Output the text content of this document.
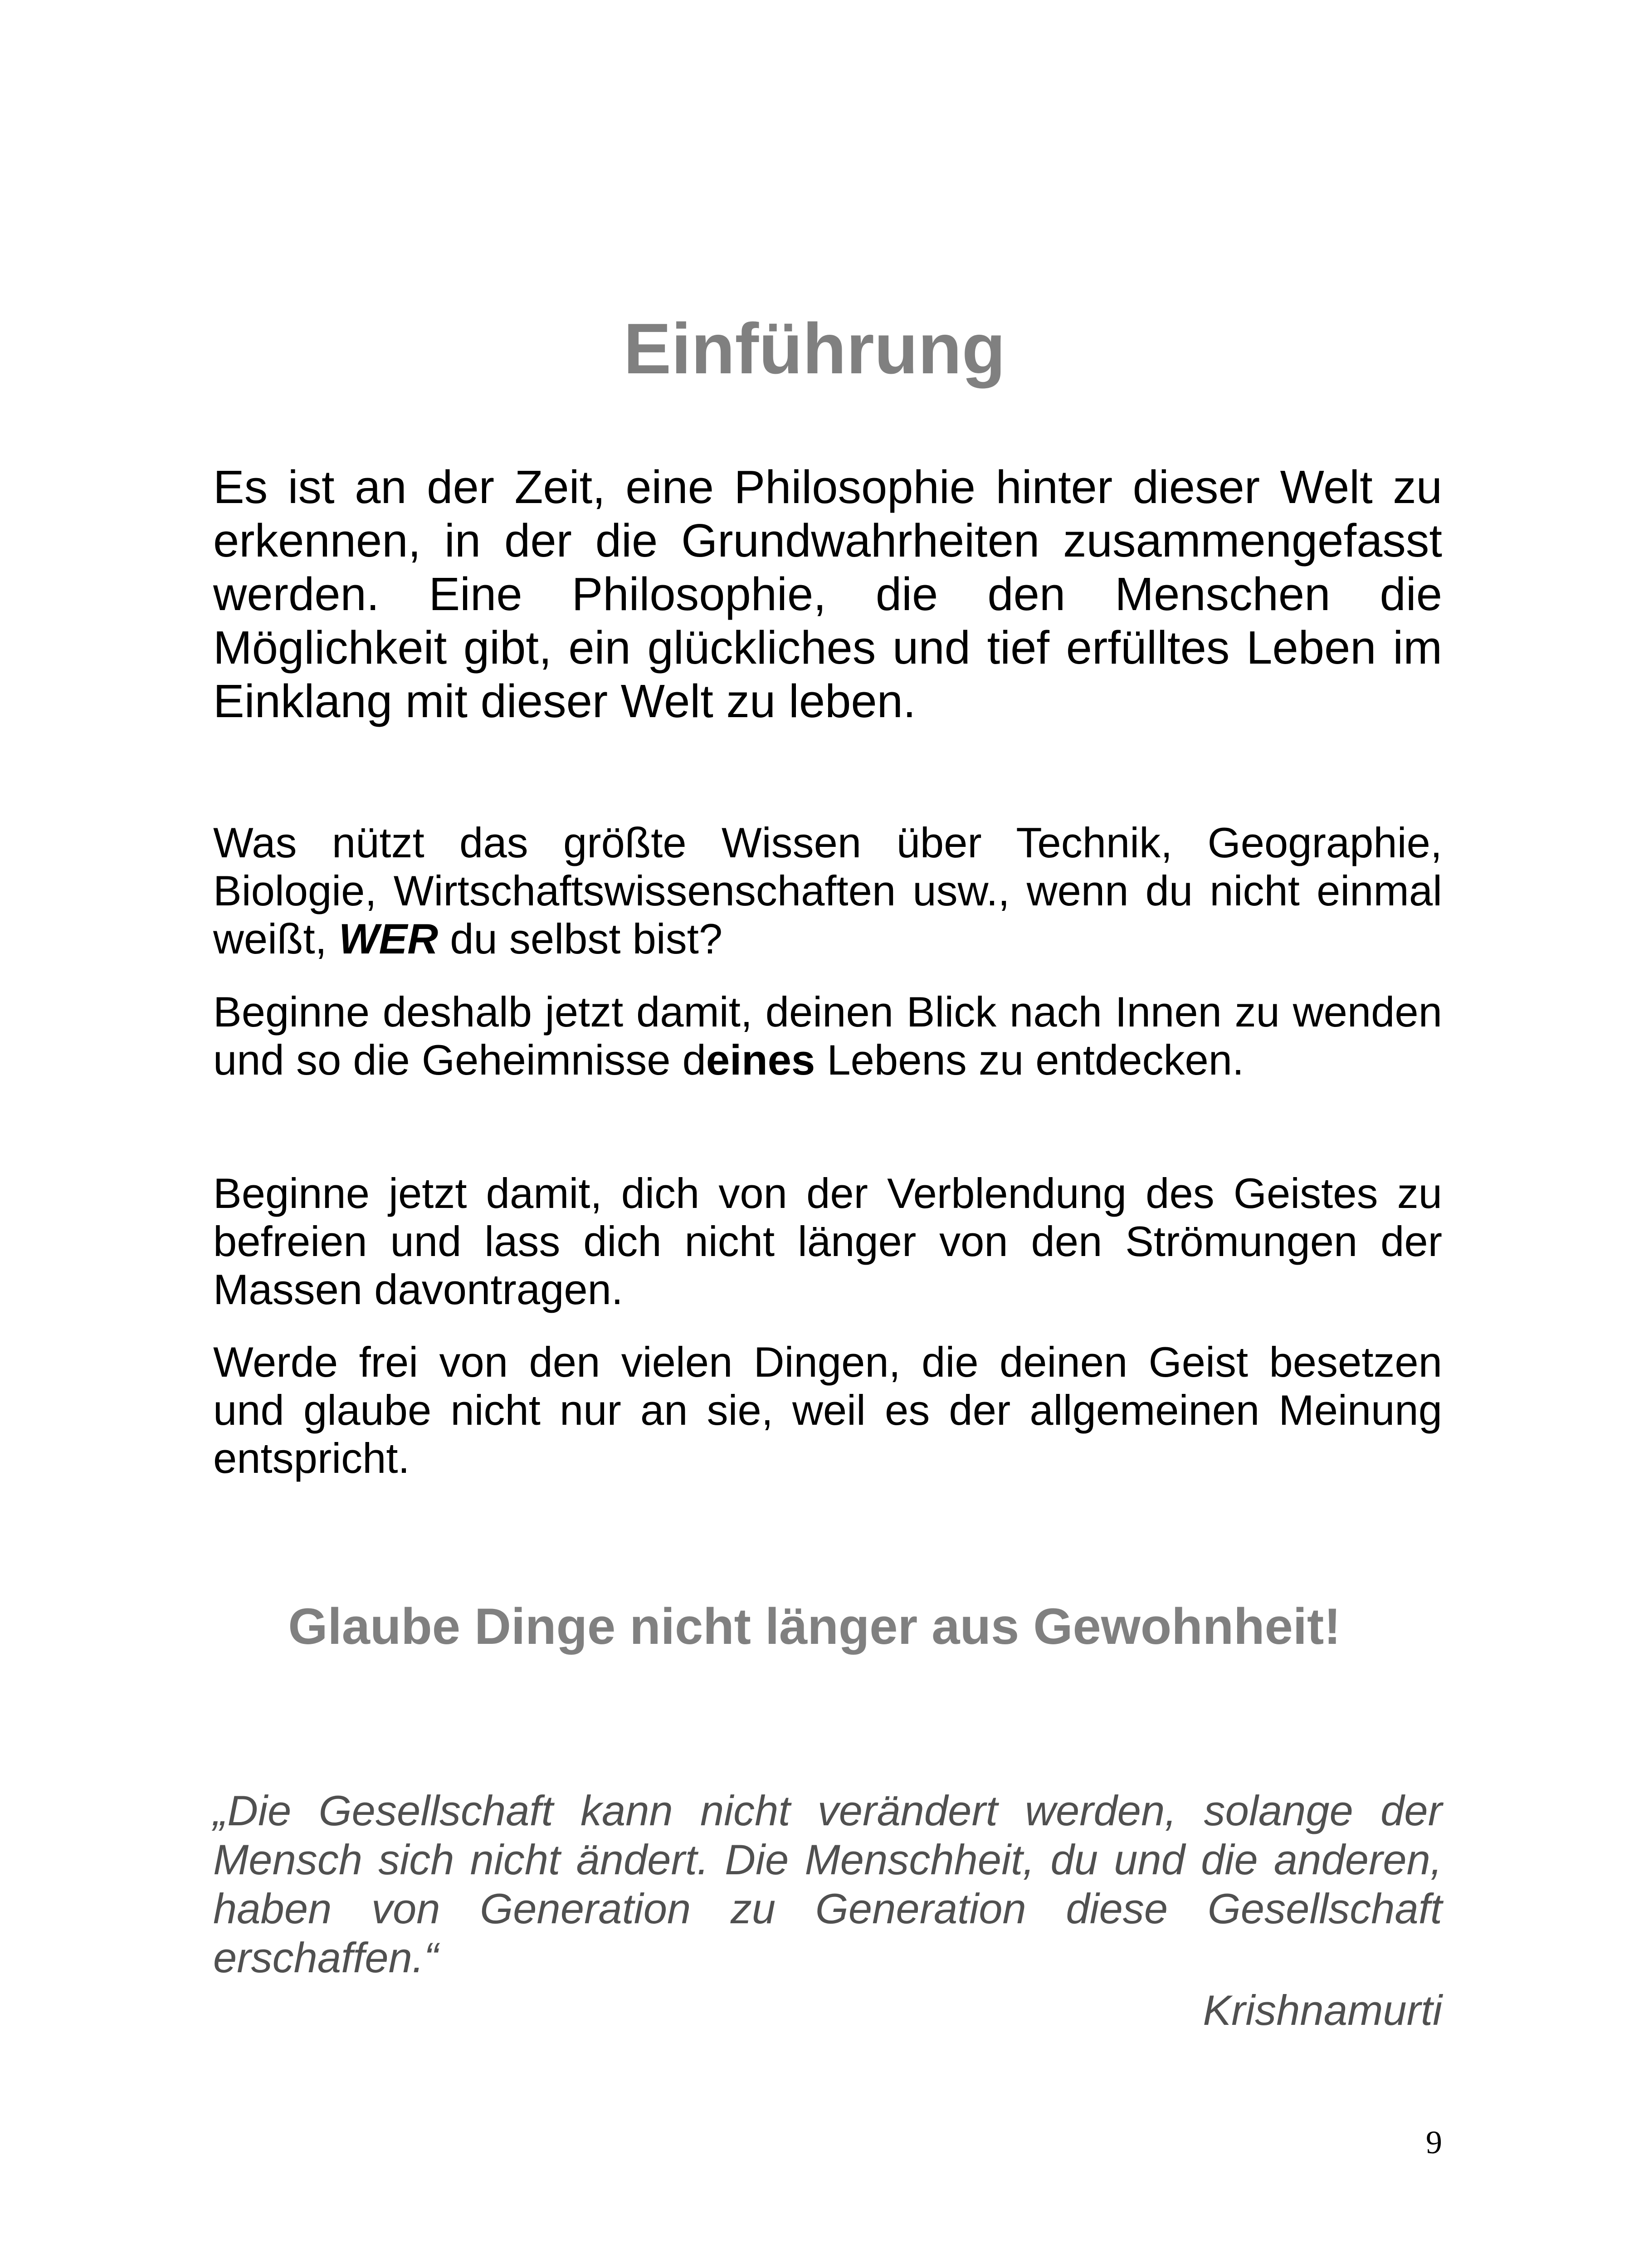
Einführung

Es ist an der Zeit, eine Philosophie hinter dieser Welt zu erkennen, in der die Grundwahrheiten zusammengefasst werden. Eine Philosophie, die den Menschen die Möglichkeit gibt, ein glückliches und tief erfülltes Leben im Einklang mit dieser Welt zu leben.

Was nützt das größte Wissen über Technik, Geographie, Biologie, Wirtschaftswissenschaften usw., wenn du nicht einmal weißt, WER du selbst bist?

Beginne deshalb jetzt damit, deinen Blick nach Innen zu wenden und so die Geheimnisse deines Lebens zu entdecken.

Beginne jetzt damit, dich von der Verblendung des Geistes zu befreien und lass dich nicht länger von den Strömungen der Massen davontragen.

Werde frei von den vielen Dingen, die deinen Geist besetzen und glaube nicht nur an sie, weil es der allgemeinen Meinung entspricht.

Glaube Dinge nicht länger aus Gewohnheit!

„Die Gesellschaft kann nicht verändert werden, solange der Mensch sich nicht ändert. Die Menschheit, du und die anderen, haben von Generation zu Generation diese Gesellschaft erschaffen.“

Krishnamurti

9
